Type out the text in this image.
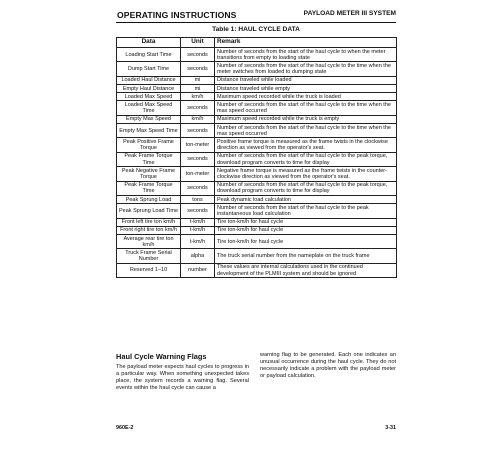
OPERATING INSTRUCTIONS	PAYLOAD METER III SYSTEM
Table 1: HAUL CYCLE DATA
Data	Unit	Remark
Loading Start Time	seconds	Number of seconds from the start of the haul cycle to when the meter transitions from empty to loading state
Dump Start Time	seconds	Number of seconds from the start of the haul cycle to the time when the meter switches from loaded to dumping state
Loaded Haul Distance	mi	Distance traveled while loaded
Empty Haul Distance	mi	Distance traveled while empty
Loaded Max Speed	km/h	Maximum speed recorded while the truck is loaded
Loaded Max Speed Time	seconds	Number of seconds from the start of the haul cycle to the time when the max speed occurred
Empty Max Speed	km/h	Maximum speed recorded while the truck is empty
Empty Max Speed Time	seconds	Number of seconds from the start of the haul cycle to the time when the max speed occurred
Peak Positive Frame Torque	ton-meter	Positive frame torque is measured as the frame twists in the clockwise direction as viewed from the operator's seat.
Peak Frame Torque Time	seconds	Number of seconds from the start of the haul cycle to the peak torque, download program converts to time for display
Peak Negative Frame Torque	ton-meter	Negative frame torque is measured as the frame twists in the counter-clockwise direction as viewed from the operator's seat.
Peak Frame Torque Time	seconds	Number of seconds from the start of the haul cycle to the peak torque, download program converts to time for display
Peak Sprung Load	tons	Peak dynamic load calculation
Peak Sprung Load Time	seconds	Number of seconds from the start of the haul cycle to the peak instantaneous load calculation
Front left tire ton km/h	t-km/h	Tire ton-km/h for haul cycle
Front right tire ton km/h	t-km/h	Tire ton-km/h for haul cycle
Average rear tire ton km/h	t-km/h	Tire ton-km/h for haul cycle
Truck Frame Serial Number	alpha	The truck serial number from the nameplate on the truck frame
Reserved 1–10	number	These values are internal calculations used in the continued development of the PLMIII system and should be ignored
Haul Cycle Warning Flags
The payload meter expects haul cycles to progress in a particular way. When something unexpected takes place, the system records a warning flag. Several events within the haul cycle can cause a
warning flag to be generated. Each one indicates an unusual occurrence during the haul cycle. They do not necessarily indicate a problem with the payload meter or payload calculation.
960E-2	3-31
